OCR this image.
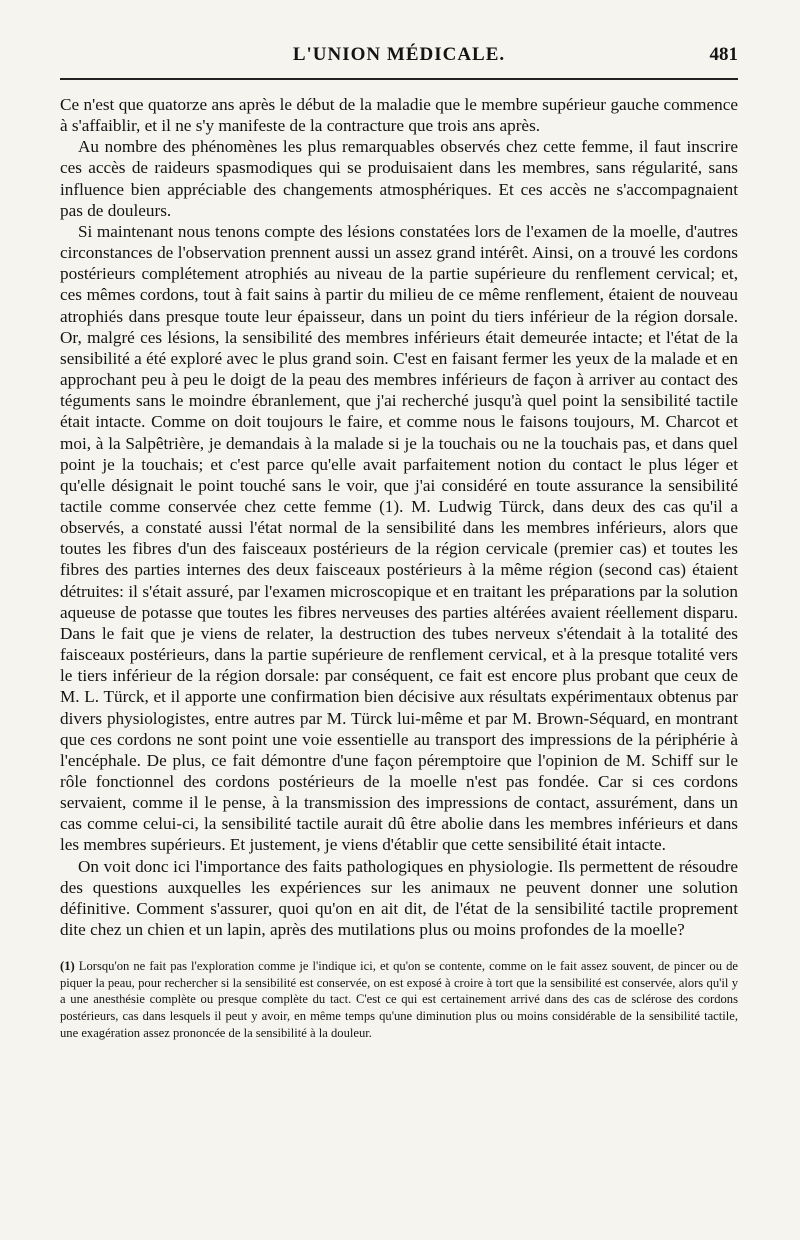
L'UNION MÉDICALE.	481

Ce n'est que quatorze ans après le début de la maladie que le membre supérieur gauche commence à s'affaiblir, et il ne s'y manifeste de la contracture que trois ans après.

Au nombre des phénomènes les plus remarquables observés chez cette femme, il faut inscrire ces accès de raideurs spasmodiques qui se produisaient dans les membres, sans régularité, sans influence bien appréciable des changements atmosphériques. Et ces accès ne s'accompagnaient pas de douleurs.

Si maintenant nous tenons compte des lésions constatées lors de l'examen de la moelle, d'autres circonstances de l'observation prennent aussi un assez grand intérêt. Ainsi, on a trouvé les cordons postérieurs complétement atrophiés au niveau de la partie supérieure du renflement cervical; et, ces mêmes cordons, tout à fait sains à partir du milieu de ce même renflement, étaient de nouveau atrophiés dans presque toute leur épaisseur, dans un point du tiers inférieur de la région dorsale. Or, malgré ces lésions, la sensibilité des membres inférieurs était demeurée intacte; et l'état de la sensibilité a été exploré avec le plus grand soin. C'est en faisant fermer les yeux de la malade et en approchant peu à peu le doigt de la peau des membres inférieurs de façon à arriver au contact des téguments sans le moindre ébranlement, que j'ai recherché jusqu'à quel point la sensibilité tactile était intacte. Comme on doit toujours le faire, et comme nous le faisons toujours, M. Charcot et moi, à la Salpêtrière, je demandais à la malade si je la touchais ou ne la touchais pas, et dans quel point je la touchais; et c'est parce qu'elle avait parfaitement notion du contact le plus léger et qu'elle désignait le point touché sans le voir, que j'ai considéré en toute assurance la sensibilité tactile comme conservée chez cette femme (1). M. Ludwig Türck, dans deux des cas qu'il a observés, a constaté aussi l'état normal de la sensibilité dans les membres inférieurs, alors que toutes les fibres d'un des faisceaux postérieurs de la région cervicale (premier cas) et toutes les fibres des parties internes des deux faisceaux postérieurs à la même région (second cas) étaient détruites: il s'était assuré, par l'examen microscopique et en traitant les préparations par la solution aqueuse de potasse que toutes les fibres nerveuses des parties altérées avaient réellement disparu. Dans le fait que je viens de relater, la destruction des tubes nerveux s'étendait à la totalité des faisceaux postérieurs, dans la partie supérieure de renflement cervical, et à la presque totalité vers le tiers inférieur de la région dorsale: par conséquent, ce fait est encore plus probant que ceux de M. L. Türck, et il apporte une confirmation bien décisive aux résultats expérimentaux obtenus par divers physiologistes, entre autres par M. Türck lui-même et par M. Brown-Séquard, en montrant que ces cordons ne sont point une voie essentielle au transport des impressions de la périphérie à l'encéphale. De plus, ce fait démontre d'une façon péremptoire que l'opinion de M. Schiff sur le rôle fonctionnel des cordons postérieurs de la moelle n'est pas fondée. Car si ces cordons servaient, comme il le pense, à la transmission des impressions de contact, assurément, dans un cas comme celui-ci, la sensibilité tactile aurait dû être abolie dans les membres inférieurs et dans les membres supérieurs. Et justement, je viens d'établir que cette sensibilité était intacte.

On voit donc ici l'importance des faits pathologiques en physiologie. Ils permettent de résoudre des questions auxquelles les expériences sur les animaux ne peuvent donner une solution définitive. Comment s'assurer, quoi qu'on en ait dit, de l'état de la sensibilité tactile proprement dite chez un chien et un lapin, après des mutilations plus ou moins profondes de la moelle?

(1) Lorsqu'on ne fait pas l'exploration comme je l'indique ici, et qu'on se contente, comme on le fait assez souvent, de pincer ou de piquer la peau, pour rechercher si la sensibilité est conservée, on est exposé à croire à tort que la sensibilité est conservée, alors qu'il y a une anesthésie complète ou presque complète du tact. C'est ce qui est certainement arrivé dans des cas de sclérose des cordons postérieurs, cas dans lesquels il peut y avoir, en même temps qu'une diminution plus ou moins considérable de la sensibilité tactile, une exagération assez prononcée de la sensibilité à la douleur.
